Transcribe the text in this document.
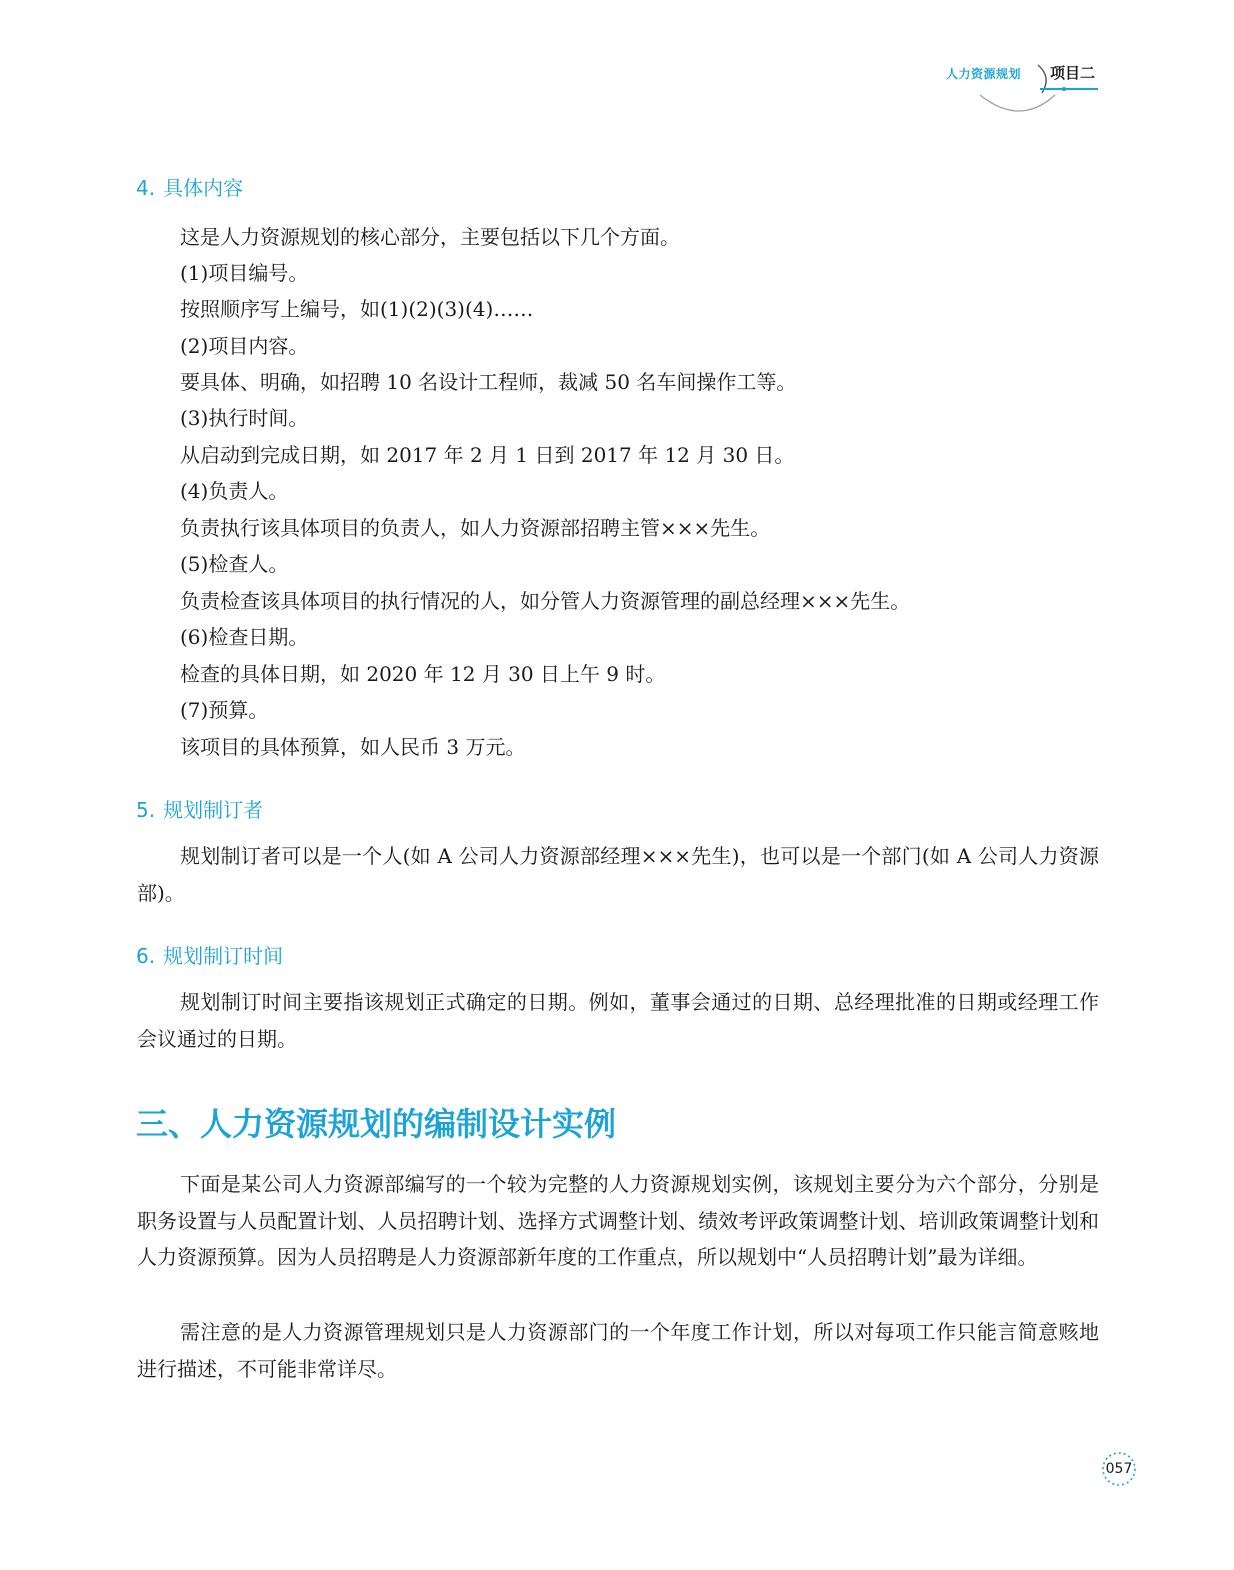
人力资源规划 项目二
4. 具体内容
这是人力资源规划的核心部分，主要包括以下几个方面。
(1)项目编号。
按照顺序写上编号，如(1)(2)(3)(4)……
(2)项目内容。
要具体、明确，如招聘 10 名设计工程师，裁减 50 名车间操作工等。
(3)执行时间。
从启动到完成日期，如 2017 年 2 月 1 日到 2017 年 12 月 30 日。
(4)负责人。
负责执行该具体项目的负责人，如人力资源部招聘主管×××先生。
(5)检查人。
负责检查该具体项目的执行情况的人，如分管人力资源管理的副总经理×××先生。
(6)检查日期。
检查的具体日期，如 2020 年 12 月 30 日上午 9 时。
(7)预算。
该项目的具体预算，如人民币 3 万元。
5. 规划制订者
规划制订者可以是一个人(如 A 公司人力资源部经理×××先生)，也可以是一个部门(如 A 公司人力资源部)。
6. 规划制订时间
规划制订时间主要指该规划正式确定的日期。例如，董事会通过的日期、总经理批准的日期或经理工作会议通过的日期。
三、人力资源规划的编制设计实例
下面是某公司人力资源部编写的一个较为完整的人力资源规划实例，该规划主要分为六个部分，分别是职务设置与人员配置计划、人员招聘计划、选择方式调整计划、绩效考评政策调整计划、培训政策调整计划和人力资源预算。因为人员招聘是人力资源部新年度的工作重点，所以规划中“人员招聘计划”最为详细。
需注意的是人力资源管理规划只是人力资源部门的一个年度工作计划，所以对每项工作只能言简意赅地进行描述，不可能非常详尽。
057
